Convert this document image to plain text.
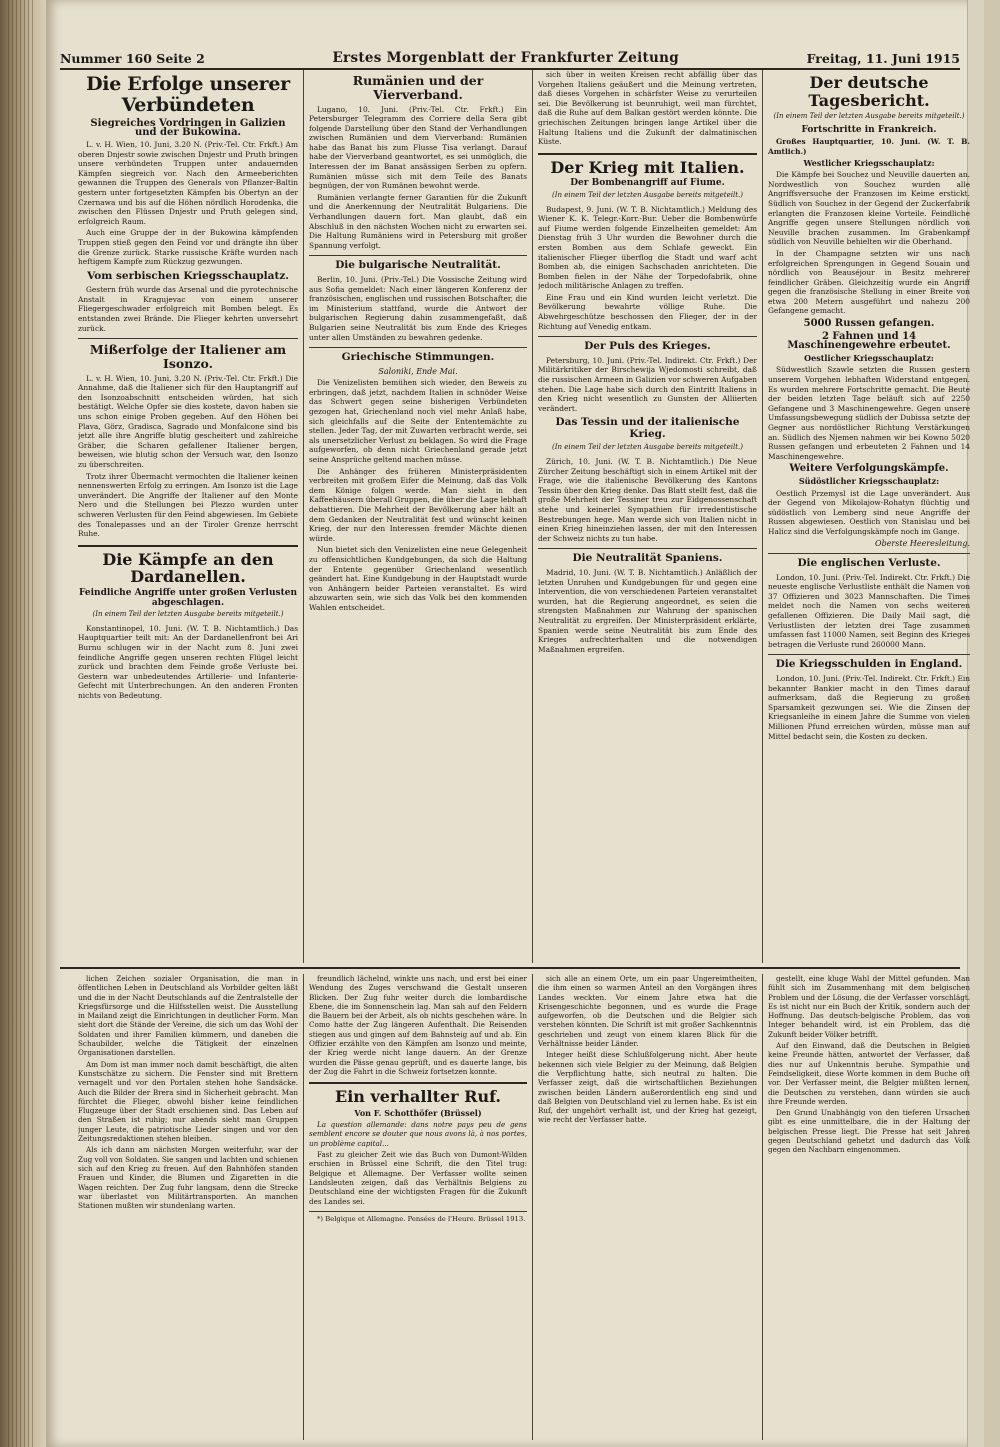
Nummer 160 Seite 2	Erstes Morgenblatt der Frankfurter Zeitung	Freitag, 11. Juni 1915
Die Erfolge unserer Verbündeten
Siegreiches Vordringen in Galizien und der Bukowina.

L. v. H. Wien, 10. Juni, 3.20 N. (Priv.-Tel. Ctr. Frkft.) Am oberen Dnjestr sowie zwischen Dnjestr und Pruth bringen unsere verbündeten Truppen unter andauernden Kämpfen siegreich vor. Nach den Armeeberichten gewannen die Truppen des Generals von Pflanzer-Baltin gestern unter fortgesetzten Kämpfen bis Obertyn an der Czernawa und bis auf die Höhen nördlich Horodenka, die zwischen den Flüssen Dnjestr und Pruth gelegen sind, erfolgreich Raum.

Auch eine Gruppe der in der Bukowina kämpfenden Truppen stieß gegen den Feind vor und drängte ihn über die Grenze zurück. Starke russische Kräfte wurden nach heftigem Kampfe zum Rückzug gezwungen.

Vom serbischen Kriegsschauplatz.

Gestern früh wurde das Arsenal und die pyrotechnische Anstalt in Kragujevac von einem unserer Fliegergeschwader erfolgreich mit Bomben belegt. Es entstanden zwei Brände. Die Flieger kehrten unversehrt zurück.

Mißerfolge der Italiener am Isonzo.

L. v. H. Wien, 10. Juni, 3.20 N. (Priv.-Tel. Ctr. Frkft.) Die Annahme, daß die Italiener sich für den Hauptangriff auf den Isonzoabschnitt entscheiden würden, hat sich bestätigt. Welche Opfer sie dies kostete, davon haben sie uns schon einige Proben gegeben. Auf den Höhen bei Plava, Görz, Gradisca, Sagrado und Monfalcone sind bis jetzt alle ihre Angriffe blutig gescheitert und zahlreiche Gräber, die Scharen gefallener Italiener bergen, beweisen, wie blutig schon der Versuch war, den Isonzo zu überschreiten.

Trotz ihrer Übermacht vermochten die Italiener keinen nennenswerten Erfolg zu erringen. Am Isonzo ist die Lage unverändert. Die Angriffe der Italiener auf den Monte Nero und die Stellungen bei Plezzo wurden unter schweren Verlusten für den Feind abgewiesen. Im Gebiete des Tonalepasses und an der Tiroler Grenze herrscht Ruhe.

Die Kämpfe an den Dardanellen.
Feindliche Angriffe unter großen Verlusten abgeschlagen.
(In einem Teil der letzten Ausgabe bereits mitgeteilt.)

Konstantinopel, 10. Juni. (W. T. B. Nichtamtlich.) Das Hauptquartier teilt mit: An der Dardanellenfront bei Ari Burnu schlugen wir in der Nacht zum 8. Juni zwei feindliche Angriffe gegen unseren rechten Flügel leicht zurück und brachten dem Feinde große Verluste bei. Gestern war unbedeutendes Artillerie- und Infanterie-Gefecht mit Unterbrechungen. An den anderen Fronten nichts von Bedeutung.

Rumänien und der Vierverband.

Lugano, 10. Juni. (Priv.-Tel. Ctr. Frkft.) Ein Petersburger Telegramm des Corriere della Sera gibt folgende Darstellung über den Stand der Verhandlungen zwischen Rumänien und dem Vierverband: Rumänien habe das Banat bis zum Flusse Tisa verlangt. Darauf habe der Vierverband geantwortet, es sei unmöglich, die Interessen der im Banat ansässigen Serben zu opfern. Rumänien müsse sich mit dem Teile des Banats begnügen, der von Rumänen bewohnt werde.

Rumänien verlangte ferner Garantien für die Zukunft und die Anerkennung der Neutralität Bulgariens. Die Verhandlungen dauern fort. Man glaubt, daß ein Abschluß in den nächsten Wochen nicht zu erwarten sei. Die Haltung Rumäniens wird in Petersburg mit großer Spannung verfolgt.

Die bulgarische Neutralität.

Berlin, 10. Juni. (Priv.-Tel.) Die Vossische Zeitung wird aus Sofia gemeldet: Nach einer längeren Konferenz der französischen, englischen und russischen Botschafter, die im Ministerium stattfand, wurde die Antwort der bulgarischen Regierung dahin zusammengefaßt, daß Bulgarien seine Neutralität bis zum Ende des Krieges unter allen Umständen zu bewahren gedenke.

Griechische Stimmungen.
Saloniki, Ende Mai.

Die Venizelisten bemühen sich wieder, den Beweis zu erbringen, daß jetzt, nachdem Italien in schnöder Weise das Schwert gegen seine bisherigen Verbündeten gezogen hat, Griechenland noch viel mehr Anlaß habe, sich gleichfalls auf die Seite der Ententemächte zu stellen. Jeder Tag, der mit Zuwarten verbracht werde, sei als unersetzlicher Verlust zu beklagen. So wird die Frage aufgeworfen, ob denn nicht Griechenland gerade jetzt seine Ansprüche geltend machen müsse.

Die Anhänger des früheren Ministerpräsidenten verbreiten mit großem Eifer die Meinung, daß das Volk dem Könige folgen werde. Man sieht in den Kaffeehäusern überall Gruppen, die über die Lage lebhaft debattieren. Die Mehrheit der Bevölkerung aber hält an dem Gedanken der Neutralität fest und wünscht keinen Krieg, der nur den Interessen fremder Mächte dienen würde.

Nun bietet sich den Venizelisten eine neue Gelegenheit zu offensichtlichen Kundgebungen, da sich die Haltung der Entente gegenüber Griechenland wesentlich geändert hat. Eine Kundgebung in der Hauptstadt wurde von Anhängern beider Parteien veranstaltet. Es wird abzuwarten sein, wie sich das Volk bei den kommenden Wahlen entscheidet.

sich über in weiten Kreisen recht abfällig über das Vorgehen Italiens geäußert und die Meinung vertreten, daß dieses Vorgehen in schärfster Weise zu verurteilen sei. Die Bevölkerung ist beunruhigt, weil man fürchtet, daß die Ruhe auf dem Balkan gestört werden könnte. Die griechischen Zeitungen bringen lange Artikel über die Haltung Italiens und die Zukunft der dalmatinischen Küste.

Der Krieg mit Italien.
Der Bombenangriff auf Fiume.
(In einem Teil der letzten Ausgabe bereits mitgeteilt.)

Budapest, 9. Juni. (W. T. B. Nichtamtlich.) Meldung des Wiener K. K. Telegr.-Korr.-Bur. Ueber die Bombenwürfe auf Fiume werden folgende Einzelheiten gemeldet: Am Dienstag früh 3 Uhr wurden die Bewohner durch die ersten Bomben aus dem Schlafe geweckt. Ein italienischer Flieger überflog die Stadt und warf acht Bomben ab, die einigen Sachschaden anrichteten. Die Bomben fielen in der Nähe der Torpedofabrik, ohne jedoch militärische Anlagen zu treffen.

Eine Frau und ein Kind wurden leicht verletzt. Die Bevölkerung bewahrte völlige Ruhe. Die Abwehrgeschütze beschossen den Flieger, der in der Richtung auf Venedig entkam.

Der Puls des Krieges.

Petersburg, 10. Juni. (Priv.-Tel. Indirekt. Ctr. Frkft.) Der Militärkritiker der Birschewija Wjedomosti schreibt, daß die russischen Armeen in Galizien vor schweren Aufgaben stehen. Die Lage habe sich durch den Eintritt Italiens in den Krieg nicht wesentlich zu Gunsten der Alliierten verändert.

Das Tessin und der italienische Krieg.
(In einem Teil der letzten Ausgabe bereits mitgeteilt.)

Zürich, 10. Juni. (W. T. B. Nichtamtlich.) Die Neue Zürcher Zeitung beschäftigt sich in einem Artikel mit der Frage, wie die italienische Bevölkerung des Kantons Tessin über den Krieg denke. Das Blatt stellt fest, daß die große Mehrheit der Tessiner treu zur Eidgenossenschaft stehe und keinerlei Sympathien für irredentistische Bestrebungen hege. Man werde sich von Italien nicht in einen Krieg hineinziehen lassen, der mit den Interessen der Schweiz nichts zu tun habe.

Die Neutralität Spaniens.

Madrid, 10. Juni. (W. T. B. Nichtamtlich.) Anläßlich der letzten Unruhen und Kundgebungen für und gegen eine Intervention, die von verschiedenen Parteien veranstaltet wurden, hat die Regierung angeordnet, es seien die strengsten Maßnahmen zur Wahrung der spanischen Neutralität zu ergreifen. Der Ministerpräsident erklärte, Spanien werde seine Neutralität bis zum Ende des Krieges aufrechterhalten und die notwendigen Maßnahmen ergreifen.

Der deutsche Tagesbericht.
(In einem Teil der letzten Ausgabe bereits mitgeteilt.)
Fortschritte in Frankreich.

Großes Hauptquartier, 10. Juni. (W. T. B. Amtlich.)

Westlicher Kriegsschauplatz:

Die Kämpfe bei Souchez und Neuville dauerten an. Nordwestlich von Souchez wurden alle Angriffsversuche der Franzosen im Keime erstickt. Südlich von Souchez in der Gegend der Zuckerfabrik erlangten die Franzosen kleine Vorteile. Feindliche Angriffe gegen unsere Stellungen nördlich von Neuville brachen zusammen. Im Grabenkampf südlich von Neuville behielten wir die Oberhand.

In der Champagne setzten wir uns nach erfolgreichen Sprengungen in Gegend Souain und nördlich von Beauséjour in Besitz mehrerer feindlicher Gräben. Gleichzeitig wurde ein Angriff gegen die französische Stellung in einer Breite von etwa 200 Metern ausgeführt und nahezu 200 Gefangene gemacht.

5000 Russen gefangen.
2 Fahnen und 14 Maschinengewehre erbeutet.
Oestlicher Kriegsschauplatz:

Südwestlich Szawle setzten die Russen gestern unserem Vorgehen lebhaften Widerstand entgegen. Es wurden mehrere Fortschritte gemacht. Die Beute der beiden letzten Tage beläuft sich auf 2250 Gefangene und 3 Maschinengewehre. Gegen unsere Umfassungsbewegung südlich der Dubissa setzte der Gegner aus nordöstlicher Richtung Verstärkungen an. Südlich des Njemen nahmen wir bei Kowno 5020 Russen gefangen und erbeuteten 2 Fahnen und 14 Maschinengewehre.

Weitere Verfolgungskämpfe.
Südöstlicher Kriegsschauplatz:

Oestlich Przemysl ist die Lage unverändert. Aus der Gegend von Mikolajow-Rohatyn flüchtig und südöstlich von Lemberg sind neue Angriffe der Russen abgewiesen. Oestlich von Stanislau und bei Halicz sind die Verfolgungskämpfe noch im Gange.

Oberste Heeresleitung.
Die englischen Verluste.

London, 10. Juni. (Priv.-Tel. Indirekt. Ctr. Frkft.) Die neueste englische Verlustliste enthält die Namen von 37 Offizieren und 3023 Mannschaften. Die Times meldet noch die Namen von sechs weiteren gefallenen Offizieren. Die Daily Mail sagt, die Verlustlisten der letzten drei Tage zusammen umfassen fast 11000 Namen, seit Beginn des Krieges betragen die Verluste rund 260000 Mann.

Die Kriegsschulden in England.

London, 10. Juni. (Priv.-Tel. Indirekt. Ctr. Frkft.) Ein bekannter Bankier macht in den Times darauf aufmerksam, daß die Regierung zu großen Sparsamkeit gezwungen sei. Wie die Zinsen der Kriegsanleihe in einem Jahre die Summe von vielen Millionen Pfund erreichen würden, müsse man auf Mittel bedacht sein, die Kosten zu decken.

lichen Zeichen sozialer Organisation, die man in öffentlichen Leben in Deutschland als Vorbilder gelten läßt und die in der Nacht Deutschlands auf die Zentralstelle der Kriegsfürsorge und die Hilfsstellen weist. Die Ausstellung in Mailand zeigt die Einrichtungen in deutlicher Form. Man sieht dort die Stände der Vereine, die sich um das Wohl der Soldaten und ihrer Familien kümmern, und daneben die Schaubilder, welche die Tätigkeit der einzelnen Organisationen darstellen.

Am Dom ist man immer noch damit beschäftigt, die alten Kunstschätze zu sichern. Die Fenster sind mit Brettern vernagelt und vor den Portalen stehen hohe Sandsäcke. Auch die Bilder der Brera sind in Sicherheit gebracht. Man fürchtet die Flieger, obwohl bisher keine feindlichen Flugzeuge über der Stadt erschienen sind. Das Leben auf den Straßen ist ruhig; nur abends sieht man Gruppen junger Leute, die patriotische Lieder singen und vor den Zeitungsredaktionen stehen bleiben.

Als ich dann am nächsten Morgen weiterfuhr, war der Zug voll von Soldaten. Sie sangen und lachten und schienen sich auf den Krieg zu freuen. Auf den Bahnhöfen standen Frauen und Kinder, die Blumen und Zigaretten in die Wagen reichten. Der Zug fuhr langsam, denn die Strecke war überlastet von Militärtransporten. An manchen Stationen mußten wir stundenlang warten.

freundlich lächelnd, winkte uns nach, und erst bei einer Wendung des Zuges verschwand die Gestalt unseren Blicken. Der Zug fuhr weiter durch die lombardische Ebene, die im Sonnenschein lag. Man sah auf den Feldern die Bauern bei der Arbeit, als ob nichts geschehen wäre. In Como hatte der Zug längeren Aufenthalt. Die Reisenden stiegen aus und gingen auf dem Bahnsteig auf und ab. Ein Offizier erzählte von den Kämpfen am Isonzo und meinte, der Krieg werde nicht lange dauern. An der Grenze wurden die Pässe genau geprüft, und es dauerte lange, bis der Zug die Fahrt in die Schweiz fortsetzen konnte.

Ein verhallter Ruf.
Von F. Schotthöfer (Brüssel)

La question allemande: dans notre pays peu de gens semblent encore se douter que nous avons là, à nos portes, un problème capital...

Fast zu gleicher Zeit wie das Buch von Dumont-Wilden erschien in Brüssel eine Schrift, die den Titel trug: Belgique et Allemagne. Der Verfasser wollte seinen Landsleuten zeigen, daß das Verhältnis Belgiens zu Deutschland eine der wichtigsten Fragen für die Zukunft des Landes sei.

*) Belgique et Allemagne. Pensées de l'Heure. Brüssel 1913.

sich alle an einem Orte, um ein paar Ungereimtheiten, die ihm einen so warmen Anteil an den Vorgängen ihres Landes weckten. Vor einem Jahre etwa hat die Krisengeschichte begonnen, und es wurde die Frage aufgeworfen, ob die Deutschen und die Belgier sich verstehen könnten. Die Schrift ist mit großer Sachkenntnis geschrieben und zeugt von einem klaren Blick für die Verhältnisse beider Länder.

Integer heißt diese Schlußfolgerung nicht. Aber heute bekennen sich viele Belgier zu der Meinung, daß Belgien die Verpflichtung hatte, sich neutral zu halten. Die Verfasser zeigt, daß die wirtschaftlichen Beziehungen zwischen beiden Ländern außerordentlich eng sind und daß Belgien von Deutschland viel zu lernen habe. Es ist ein Ruf, der ungehört verhallt ist, und der Krieg hat gezeigt, wie recht der Verfasser hatte.

gestellt, eine kluge Wahl der Mittel gefunden. Man fühlt sich im Zusammenhang mit dem belgischen Problem und der Lösung, die der Verfasser vorschlägt. Es ist nicht nur ein Buch der Kritik, sondern auch der Hoffnung. Das deutsch-belgische Problem, das von Integer behandelt wird, ist ein Problem, das die Zukunft beider Völker betrifft.

Auf den Einwand, daß die Deutschen in Belgien keine Freunde hätten, antwortet der Verfasser, daß dies nur auf Unkenntnis beruhe. Sympathie und Feindseligkeit, diese Worte kommen in dem Buche oft vor. Der Verfasser meint, die Belgier müßten lernen, die Deutschen zu verstehen, dann würden sie auch ihre Freunde werden.

Den Grund Unabhängig von den tieferen Ursachen gibt es eine unmittelbare, die in der Haltung der belgischen Presse liegt. Die Presse hat seit Jahren gegen Deutschland gehetzt und dadurch das Volk gegen den Nachbarn eingenommen.
